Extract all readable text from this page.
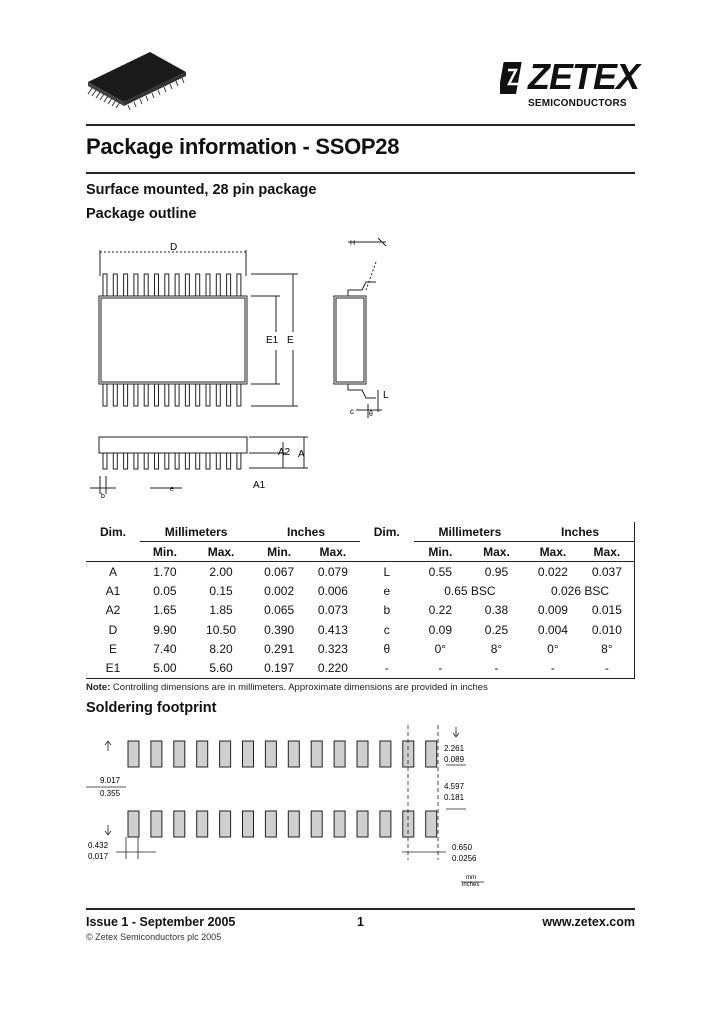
ZETEX
SEMICONDUCTORS
Package information - SSOP28
Surface mounted, 28 pin package
Package outline
D
E1 E
H
L
c θ
A2 A
A1
b
e
Dim.	Millimeters		Inches		Dim.	Millimeters		Inches	
	Min.	Max.	Min.	Max.		Min.	Max.	Max.	Max.
A	1.70	2.00	0.067	0.079	L	0.55	0.95	0.022	0.037
A1	0.05	0.15	0.002	0.006	e	0.65 BSC		0.026 BSC	
A2	1.65	1.85	0.065	0.073	b	0.22	0.38	0.009	0.015
D	9.90	10.50	0.390	0.413	c	0.09	0.25	0.004	0.010
E	7.40	8.20	0.291	0.323	θ	0°	8°	0°	8°
E1	5.00	5.60	0.197	0.220	-	-	-	-	-
Note: Controlling dimensions are in millimeters. Approximate dimensions are provided in inches
Soldering footprint
9.017
0.355
2.261
0.089
4.597
0.181
0.432
0.017
0.650
0.0256
mm
inches
Issue 1 - September 2005	1	www.zetex.com
© Zetex Semiconductors plc 2005
